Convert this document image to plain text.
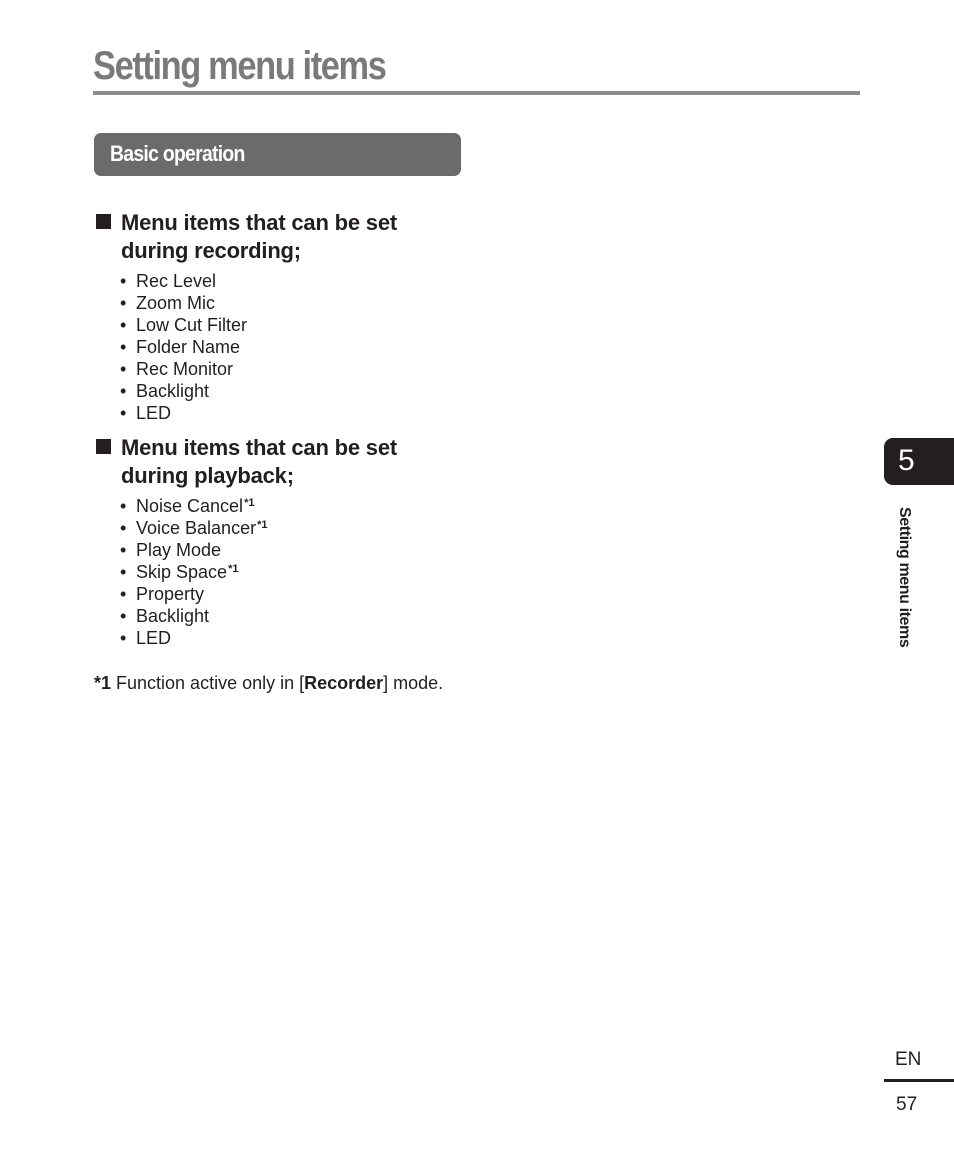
Setting menu items
Basic operation
Menu items that can be set
during recording;
• Rec Level
• Zoom Mic
• Low Cut Filter
• Folder Name
• Rec Monitor
• Backlight
• LED
Menu items that can be set
during playback;
• Noise Cancel$^{*1}$
• Voice Balancer$^{*1}$
• Play Mode
• Skip Space$^{*1}$
• Property
• Backlight
• LED
*1 Function active only in [Recorder] mode.
5
Setting menu items
EN
57
